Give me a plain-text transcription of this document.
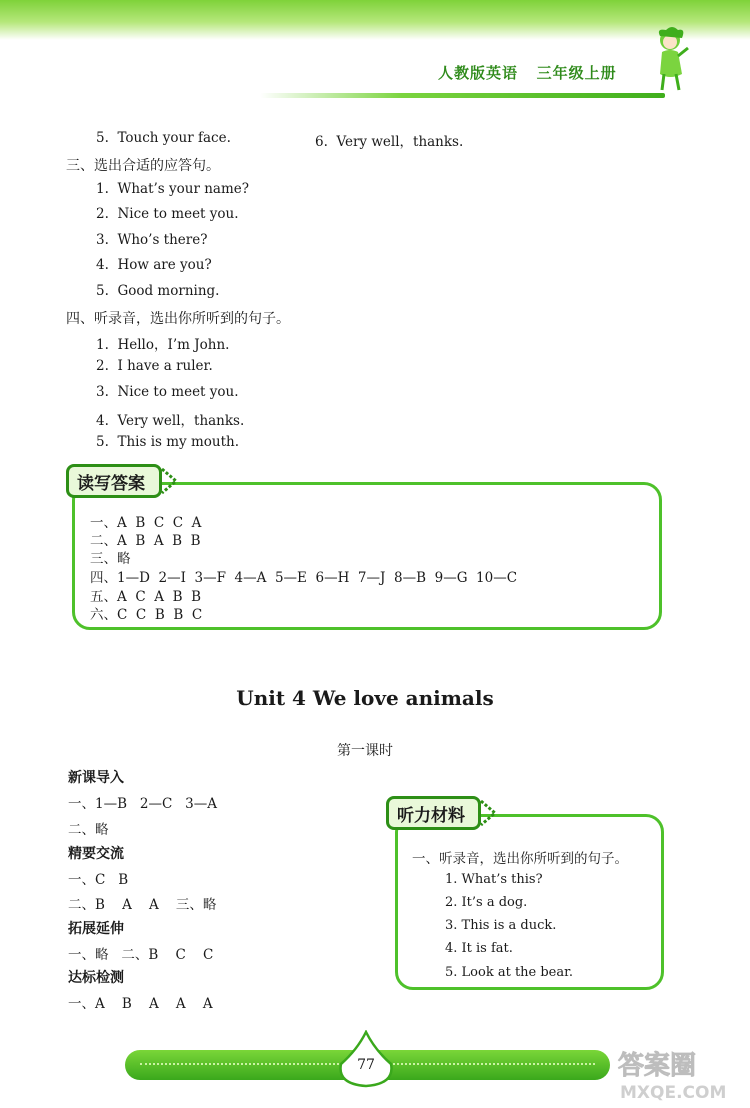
人教版英语   三年级上册
5.  Touch your face.	6.  Very well，thanks.
三、选出合适的应答句。
1.  What’s your name?
2.  Nice to meet you.
3.  Who’s there?
4.  How are you?
5.  Good morning.
四、听录音，选出你所听到的句子。
1.  Hello，I’m John.
2.  I have a ruler.
3.  Nice to meet you.
4.  Very well，thanks.
5.  This is my mouth.
读写答案
一、A  B  C  C  A
二、A  B  A  B  B
三、略
四、1—D  2—I  3—F  4—A  5—E  6—H  7—J  8—B  9—G  10—C
五、A  C  A  B  B
六、C  C  B  B  C
Unit 4 We love animals
第一课时
新课导入
一、1—B   2—C   3—A
二、略
精要交流
一、C   B
二、B    A    A    三、略
拓展延伸
一、略   二、B    C    C
达标检测
一、A    B    A    A    A
听力材料
一、听录音，选出你所听到的句子。
1. What’s this?
2. It’s a dog.
3. This is a duck.
4. It is fat.
5. Look at the bear.
77	答案圈
MXQE.COM
